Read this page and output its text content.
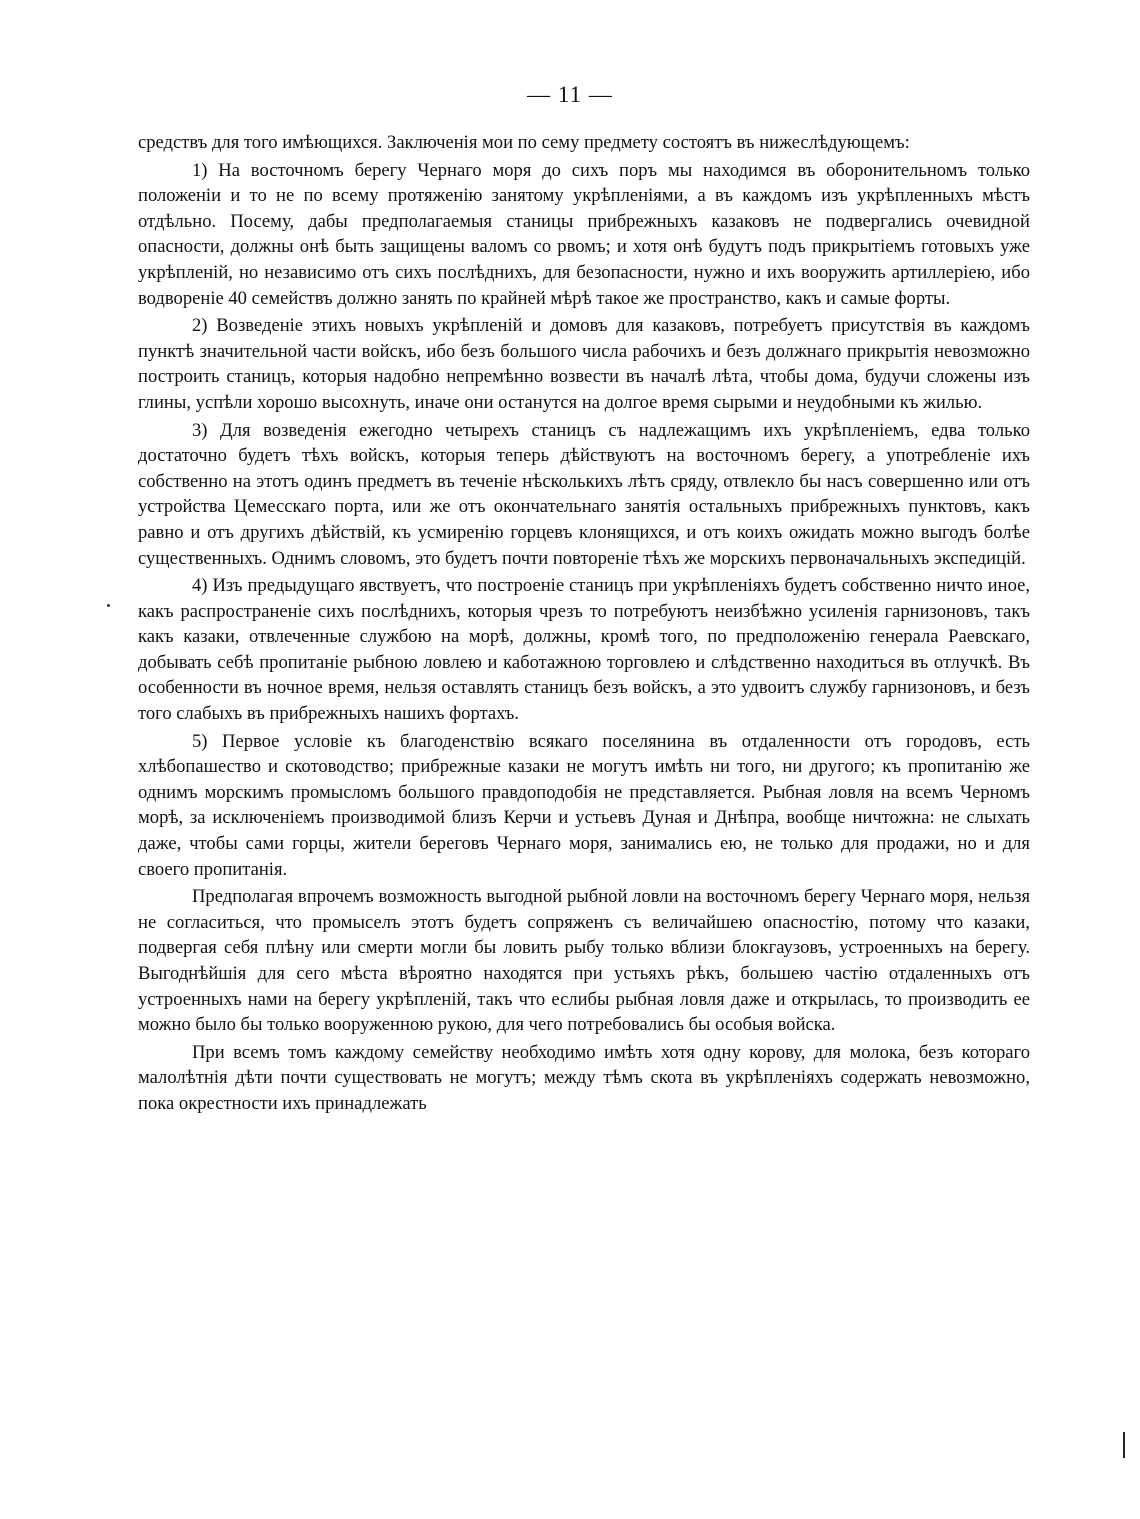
— 11 —

средствъ для того имѣющихся. Заключенія мои по сему предмету состоятъ въ нижеслѣдующемъ:

1) На восточномъ берегу Чернаго моря до сихъ поръ мы находимся въ оборонительномъ только положеніи и то не по всему протяженію занятому укрѣпленіями, а въ каждомъ изъ укрѣпленныхъ мѣстъ отдѣльно. Посему, дабы предполагаемыя станицы прибрежныхъ казаковъ не подвергались очевидной опасности, должны онѣ быть защищены валомъ со рвомъ; и хотя онѣ будутъ подъ прикрытіемъ готовыхъ уже укрѣпленій, но независимо отъ сихъ послѣднихъ, для безопасности, нужно и ихъ вооружить артиллеріею, ибо водвореніе 40 семействъ должно занять по крайней мѣрѣ такое же пространство, какъ и самые форты.

2) Возведеніе этихъ новыхъ укрѣпленій и домовъ для казаковъ, потребуетъ присутствія въ каждомъ пунктѣ значительной части войскъ, ибо безъ большого числа рабочихъ и безъ должнаго прикрытія невозможно построить станицъ, которыя надобно непремѣнно возвести въ началѣ лѣта, чтобы дома, будучи сложены изъ глины, успѣли хорошо высохнуть, иначе они останутся на долгое время сырыми и неудобными къ жилью.

3) Для возведенія ежегодно четырехъ станицъ съ надлежащимъ ихъ укрѣпленіемъ, едва только достаточно будетъ тѣхъ войскъ, которыя теперь дѣйствуютъ на восточномъ берегу, а употребленіе ихъ собственно на этотъ одинъ предметъ въ теченіе нѣсколькихъ лѣтъ сряду, отвлекло бы насъ совершенно или отъ устройства Цемесскаго порта, или же отъ окончательнаго занятія остальныхъ прибрежныхъ пунктовъ, какъ равно и отъ другихъ дѣйствій, къ усмиренію горцевъ клонящихся, и отъ коихъ ожидать можно выгодъ болѣе существенныхъ. Однимъ словомъ, это будетъ почти повтореніе тѣхъ же морскихъ первоначальныхъ экспедицій.

4) Изъ предыдущаго явствуетъ, что построеніе станицъ при укрѣпленіяхъ будетъ собственно ничто иное, какъ распространеніе сихъ послѣднихъ, которыя чрезъ то потребуютъ неизбѣжно усиленія гарнизоновъ, такъ какъ казаки, отвлеченные службою на морѣ, должны, кромѣ того, по предположенію генерала Раевскаго, добывать себѣ пропитаніе рыбною ловлею и каботажною торговлею и слѣдственно находиться въ отлучкѣ. Въ особенности въ ночное время, нельзя оставлять станицъ безъ войскъ, а это удвоитъ службу гарнизоновъ, и безъ того слабыхъ въ прибрежныхъ нашихъ фортахъ.

5) Первое условіе къ благоденствію всякаго поселянина въ отдаленности отъ городовъ, есть хлѣбопашество и скотоводство; прибрежные казаки не могутъ имѣть ни того, ни другого; къ пропитанію же однимъ морскимъ промысломъ большого правдоподобія не представляется. Рыбная ловля на всемъ Черномъ морѣ, за исключеніемъ производимой близъ Керчи и устьевъ Дуная и Днѣпра, вообще ничтожна: не слыхать даже, чтобы сами горцы, жители береговъ Чернаго моря, занимались ею, не только для продажи, но и для своего пропитанія.

Предполагая впрочемъ возможность выгодной рыбной ловли на восточномъ берегу Чернаго моря, нельзя не согласиться, что промыселъ этотъ будетъ сопряженъ съ величайшею опасностію, потому что казаки, подвергая себя плѣну или смерти могли бы ловить рыбу только вблизи блокгаузовъ, устроенныхъ на берегу. Выгоднѣйшія для сего мѣста вѣроятно находятся при устьяхъ рѣкъ, большею частію отдаленныхъ отъ устроенныхъ нами на берегу укрѣпленій, такъ что еслибы рыбная ловля даже и открылась, то производить ее можно было бы только вооруженною рукою, для чего потребовались бы особыя войска.

При всемъ томъ каждому семейству необходимо имѣть хотя одну корову, для молока, безъ котораго малолѣтнія дѣти почти существовать не могутъ; между тѣмъ скота въ укрѣпленіяхъ содержать невозможно, пока окрестности ихъ принадлежать
